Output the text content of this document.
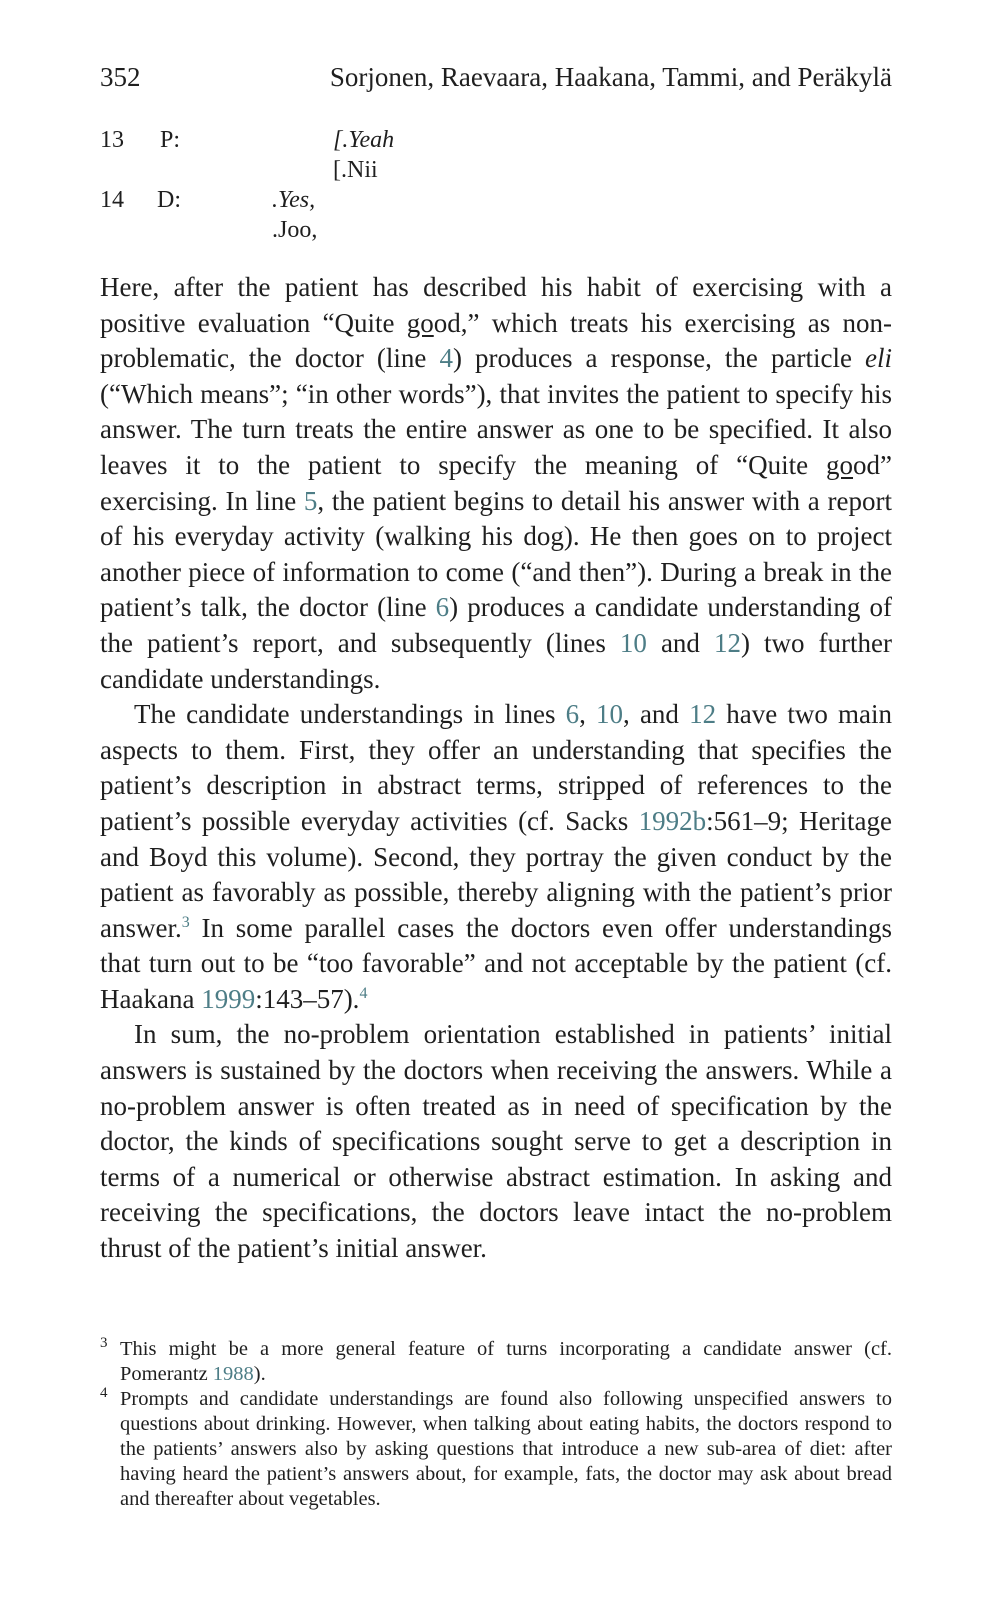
352	Sorjonen, Raevaara, Haakana, Tammi, and Peräkylä
13 P:	[.Yeah
[.Nii
14 D:	.Yes,
.Joo,

Here, after the patient has described his habit of exercising with a positive evaluation “Quite good,” which treats his exercising as non-problematic, the doctor (line 4) produces a response, the particle eli (“Which means”; “in other words”), that invites the patient to specify his answer. The turn treats the entire answer as one to be specified. It also leaves it to the patient to specify the meaning of “Quite good” exercising. In line 5, the patient begins to detail his answer with a report of his everyday activity (walking his dog). He then goes on to project another piece of information to come (“and then”). During a break in the patient’s talk, the doctor (line 6) produces a candidate understanding of the patient’s report, and subsequently (lines 10 and 12) two further candidate understandings.

The candidate understandings in lines 6, 10, and 12 have two main aspects to them. First, they offer an understanding that specifies the patient’s description in abstract terms, stripped of references to the patient’s possible everyday activities (cf. Sacks 1992b:561–9; Heritage and Boyd this volume). Second, they portray the given conduct by the patient as favorably as possible, thereby aligning with the patient’s prior answer.$^3$ In some parallel cases the doctors even offer understandings that turn out to be “too favorable” and not acceptable by the patient (cf. Haakana 1999:143–57).$^4$

In sum, the no-problem orientation established in patients’ initial answers is sustained by the doctors when receiving the answers. While a no-problem answer is often treated as in need of specification by the doctor, the kinds of specifications sought serve to get a description in terms of a numerical or otherwise abstract estimation. In asking and receiving the specifications, the doctors leave intact the no-problem thrust of the patient’s initial answer.

3 This might be a more general feature of turns incorporating a candidate answer (cf. Pomerantz 1988).
4 Prompts and candidate understandings are found also following unspecified answers to questions about drinking. However, when talking about eating habits, the doctors respond to the patients’ answers also by asking questions that introduce a new sub-area of diet: after having heard the patient’s answers about, for example, fats, the doctor may ask about bread and thereafter about vegetables.
